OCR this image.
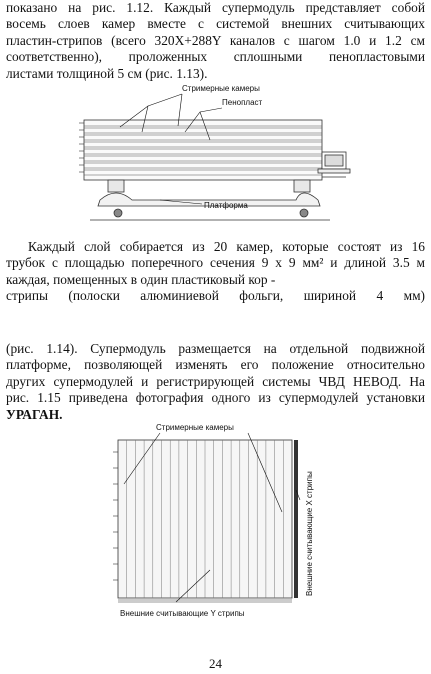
показано на рис. 1.12. Каждый супермодуль представляет собой
восемь слоев камер вместе с системой внешних считывающих
пластин-стрипов (всего 320X+288Y каналов с шагом 1.0 и 1.2 см
соответственно), проложенных сплошными пенопластовыми
листами толщиной 5 см (рис. 1.13).
Стримерные камеры
Пенопласт
Платформа
Каждый слой собирается из 20 камер, которые состоят из 16
трубок с площадью поперечного сечения 9 х 9 мм² и длиной 3.5 м
каждая, помещенных в один пластиковый кор -
стрипы (полоски алюминиевой фольги, шириной 4 мм)
(рис. 1.14). Супермодуль размещается на отдельной подвижной
платформе, позволяющей изменять его положение относительно
других супермодулей и регистрирующей системы ЧВД НЕВОД. На
рис. 1.15 приведена фотография одного из супермодулей установки
УРАГАН.
Стримерные камеры
Внешние считывающие Y стрипы
Внешние считывающие X стрипы
24
